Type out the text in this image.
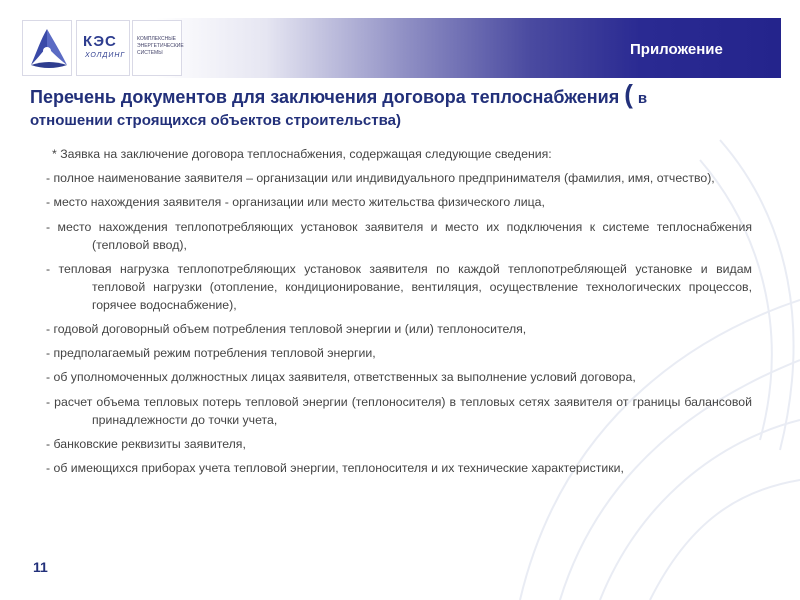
КЭС
ХОЛДИНГ
КОМПЛЕКСНЫЕ ЭНЕРГЕТИЧЕСКИЕ СИСТЕМЫ	Приложение
Перечень документов для заключения договора теплоснабжения ( в отношении строящихся объектов строительства)

* Заявка на заключение договора теплоснабжения, содержащая следующие сведения:

- полное наименование заявителя – организации или индивидуального предпринимателя (фамилия, имя, отчество),

- место нахождения заявителя - организации или место жительства физического лица,

- место нахождения теплопотребляющих установок заявителя и место их подключения к системе теплоснабжения (тепловой ввод),

- тепловая нагрузка теплопотребляющих установок заявителя по каждой теплопотребляющей установке и видам тепловой нагрузки (отопление, кондиционирование, вентиляция, осуществление технологических процессов, горячее водоснабжение),

- годовой договорный объем потребления тепловой энергии и (или) теплоносителя,

- предполагаемый режим потребления тепловой энергии,

- об уполномоченных должностных лицах заявителя, ответственных за выполнение условий договора,

- расчет объема тепловых потерь тепловой энергии (теплоносителя) в тепловых сетях заявителя от границы балансовой принадлежности до точки учета,

- банковские реквизиты заявителя,

- об имеющихся приборах учета тепловой энергии, теплоносителя и их технические характеристики,

11
